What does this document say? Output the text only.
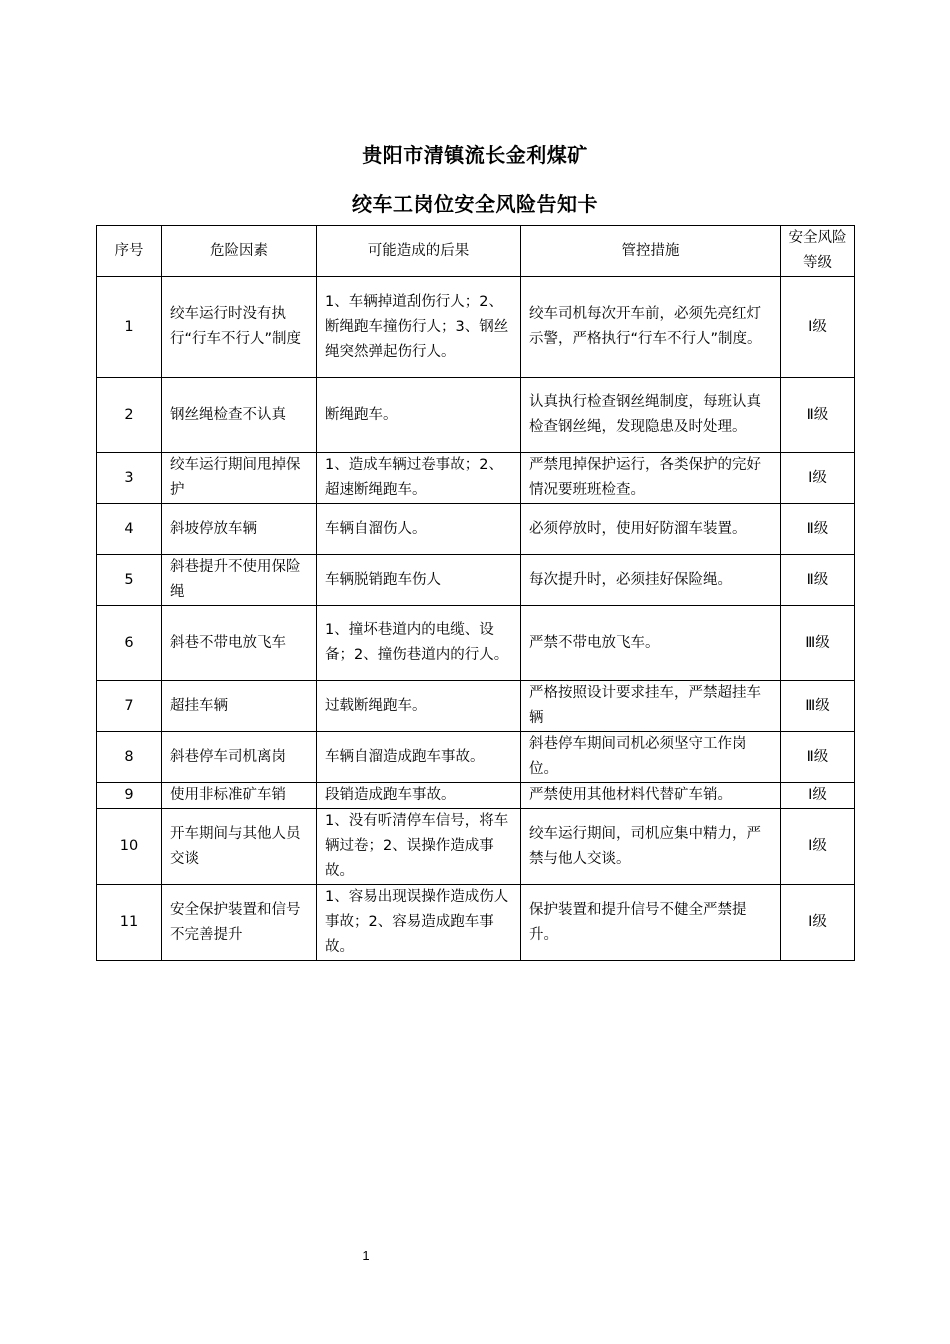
贵阳市清镇流长金利煤矿
绞车工岗位安全风险告知卡
序号	危险因素	可能造成的后果	管控措施	安全风险等级
1	绞车运行时没有执行“行车不行人”制度	1、车辆掉道刮伤行人；2、断绳跑车撞伤行人；3、钢丝绳突然弹起伤行人。	绞车司机每次开车前，必须先亮红灯示警，严格执行“行车不行人”制度。	Ⅰ级
2	钢丝绳检查不认真	断绳跑车。	认真执行检查钢丝绳制度，每班认真检查钢丝绳，发现隐患及时处理。	Ⅱ级
3	绞车运行期间甩掉保护	1、造成车辆过卷事故；2、超速断绳跑车。	严禁甩掉保护运行，各类保护的完好情况要班班检查。	Ⅰ级
4	斜坡停放车辆	车辆自溜伤人。	必须停放时，使用好防溜车装置。	Ⅱ级
5	斜巷提升不使用保险绳	车辆脱销跑车伤人	每次提升时，必须挂好保险绳。	Ⅱ级
6	斜巷不带电放飞车	1、撞坏巷道内的电缆、设备；2、撞伤巷道内的行人。	严禁不带电放飞车。	Ⅲ级
7	超挂车辆	过载断绳跑车。	严格按照设计要求挂车，严禁超挂车辆	Ⅲ级
8	斜巷停车司机离岗	车辆自溜造成跑车事故。	斜巷停车期间司机必须坚守工作岗位。	Ⅱ级
9	使用非标准矿车销	段销造成跑车事故。	严禁使用其他材料代替矿车销。	Ⅰ级
10	开车期间与其他人员交谈	1、没有听清停车信号，将车辆过卷；2、误操作造成事故。	绞车运行期间，司机应集中精力，严禁与他人交谈。	Ⅰ级
11	安全保护装置和信号不完善提升	1、容易出现误操作造成伤人事故；2、容易造成跑车事故。	保护装置和提升信号不健全严禁提升。	Ⅰ级
1
